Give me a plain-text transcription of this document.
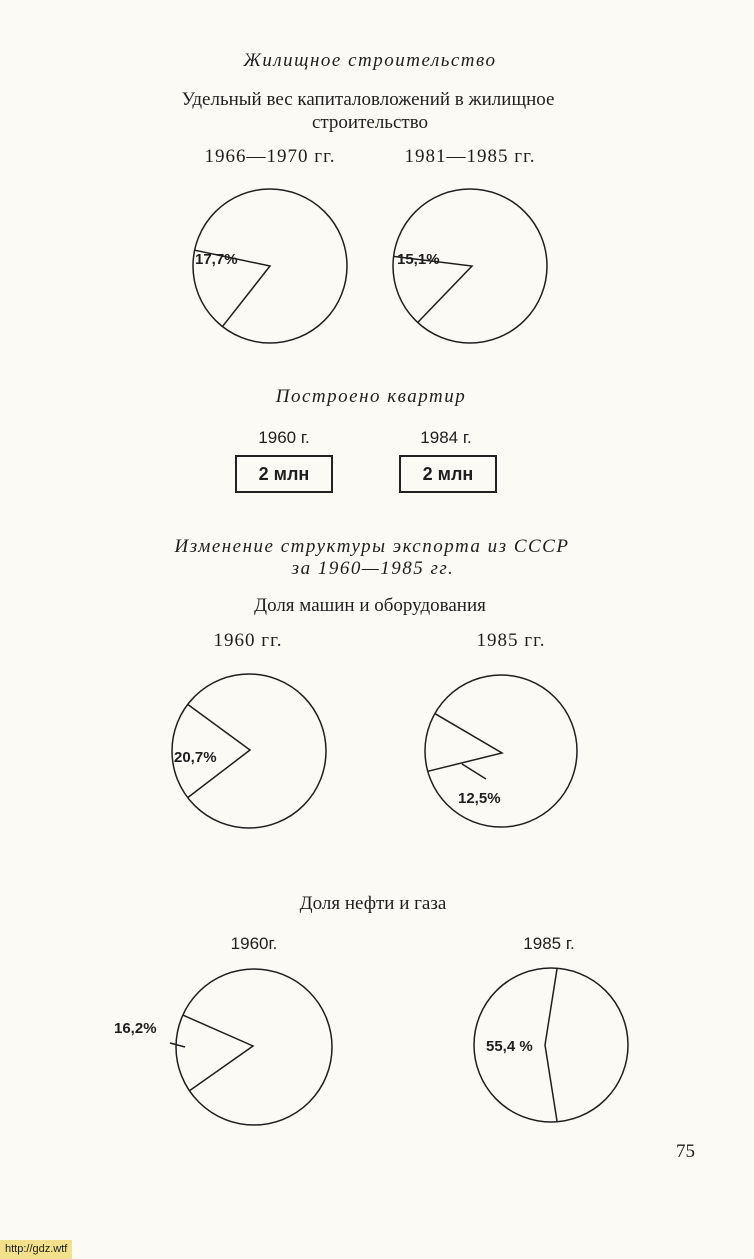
Жилищное строительство
Удельный вес капиталовложений в жилищное
строительство
1966—1970 гг.	1981—1985 гг.
Построено квартир
1960 г.	1984 г.
2 млн	2 млн
Изменение структуры экспорта из СССР
за 1960—1985 гг.
Доля машин и оборудования
1960 гг.	1985 гг.
Доля нефти и газа
1960г.	1985 г.
17,7%	15,1%
20,7%
12,5%
16,2%
55,4 %
75
http://gdz.wtf
